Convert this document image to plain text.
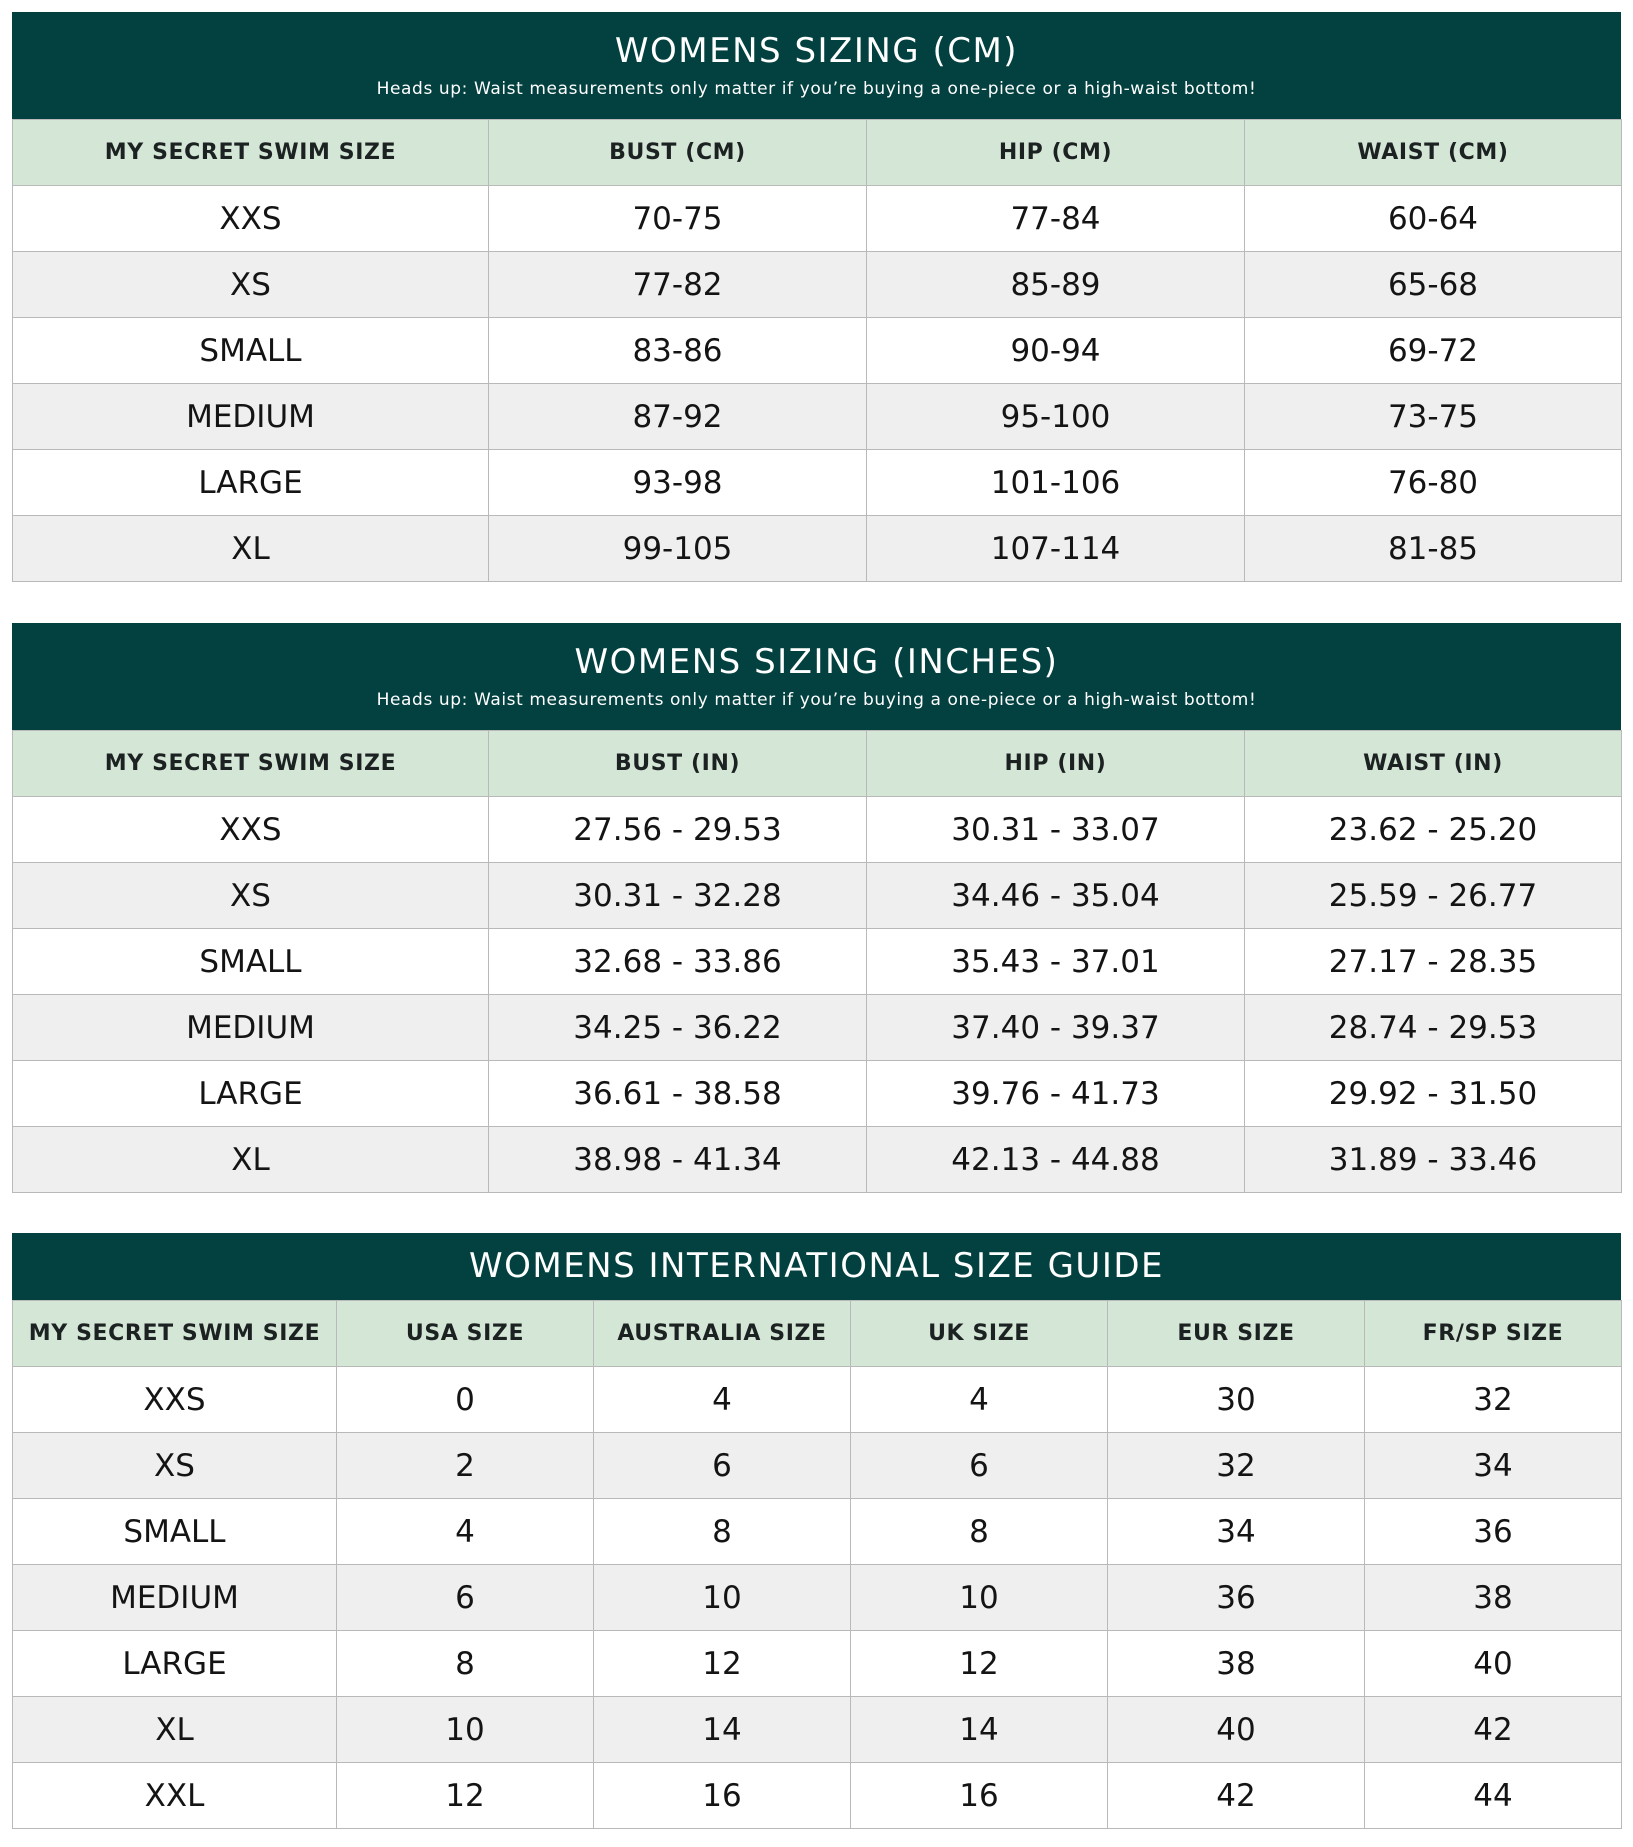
WOMENS SIZING (CM)
Heads up: Waist measurements only matter if you’re buying a one-piece or a high-waist bottom!
MY SECRET SWIM SIZE	BUST (CM)	HIP (CM)	WAIST (CM)
XXS	70-75	77-84	60-64
XS	77-82	85-89	65-68
SMALL	83-86	90-94	69-72
MEDIUM	87-92	95-100	73-75
LARGE	93-98	101-106	76-80
XL	99-105	107-114	81-85
WOMENS SIZING (INCHES)
Heads up: Waist measurements only matter if you’re buying a one-piece or a high-waist bottom!
MY SECRET SWIM SIZE	BUST (IN)	HIP (IN)	WAIST (IN)
XXS	27.56 - 29.53	30.31 - 33.07	23.62 - 25.20
XS	30.31 - 32.28	34.46 - 35.04	25.59 - 26.77
SMALL	32.68 - 33.86	35.43 - 37.01	27.17 - 28.35
MEDIUM	34.25 - 36.22	37.40 - 39.37	28.74 - 29.53
LARGE	36.61 - 38.58	39.76 - 41.73	29.92 - 31.50
XL	38.98 - 41.34	42.13 - 44.88	31.89 - 33.46
WOMENS INTERNATIONAL SIZE GUIDE
MY SECRET SWIM SIZE	USA SIZE	AUSTRALIA SIZE	UK SIZE	EUR SIZE	FR/SP SIZE
XXS	0	4	4	30	32
XS	2	6	6	32	34
SMALL	4	8	8	34	36
MEDIUM	6	10	10	36	38
LARGE	8	12	12	38	40
XL	10	14	14	40	42
XXL	12	16	16	42	44
